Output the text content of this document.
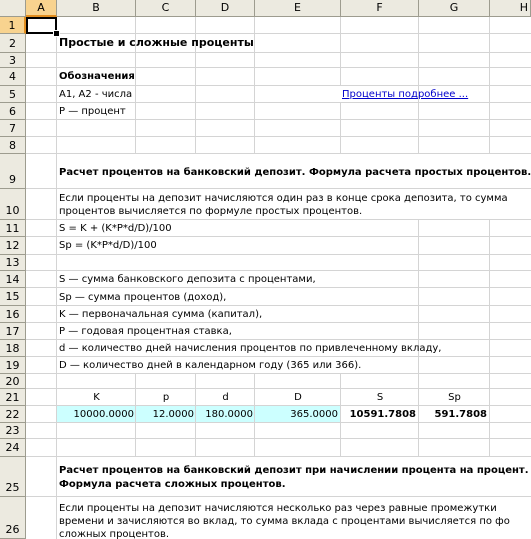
A	B	C	D	E	F	G	H
1
2
3
4
5
6
7
8
9
10
11
12
13
14
15
16
17
18
19
20
21
22
23
24
25
26
Простые и сложные проценты
Обозначения
A1, A2 - числа	Проценты подробнее ...
P — процент
Расчет процентов на банковский депозит. Формула расчета простых процентов.
Если проценты на депозит начисляются один раз в конце срока депозита, то сумма
процентов вычисляется по формуле простых процентов.
S = K + (K*P*d/D)/100
Sp = (K*P*d/D)/100
S — сумма банковского депозита с процентами,
Sp — сумма процентов (доход),
K — первоначальная сумма (капитал),
P — годовая процентная ставка,
d — количество дней начисления процентов по привлеченному вкладу,
D — количество дней в календарном году (365 или 366).
K	p	d	D	S	Sp
10000.0000	12.0000	180.0000	365.0000	10591.7808	591.7808
Расчет процентов на банковский депозит при начислении процента на процент.
Формула расчета сложных процентов.
Если проценты на депозит начисляются несколько раз через равные промежутки
времени и зачисляются во вклад, то сумма вклада с процентами вычисляется по фо
сложных процентов.
